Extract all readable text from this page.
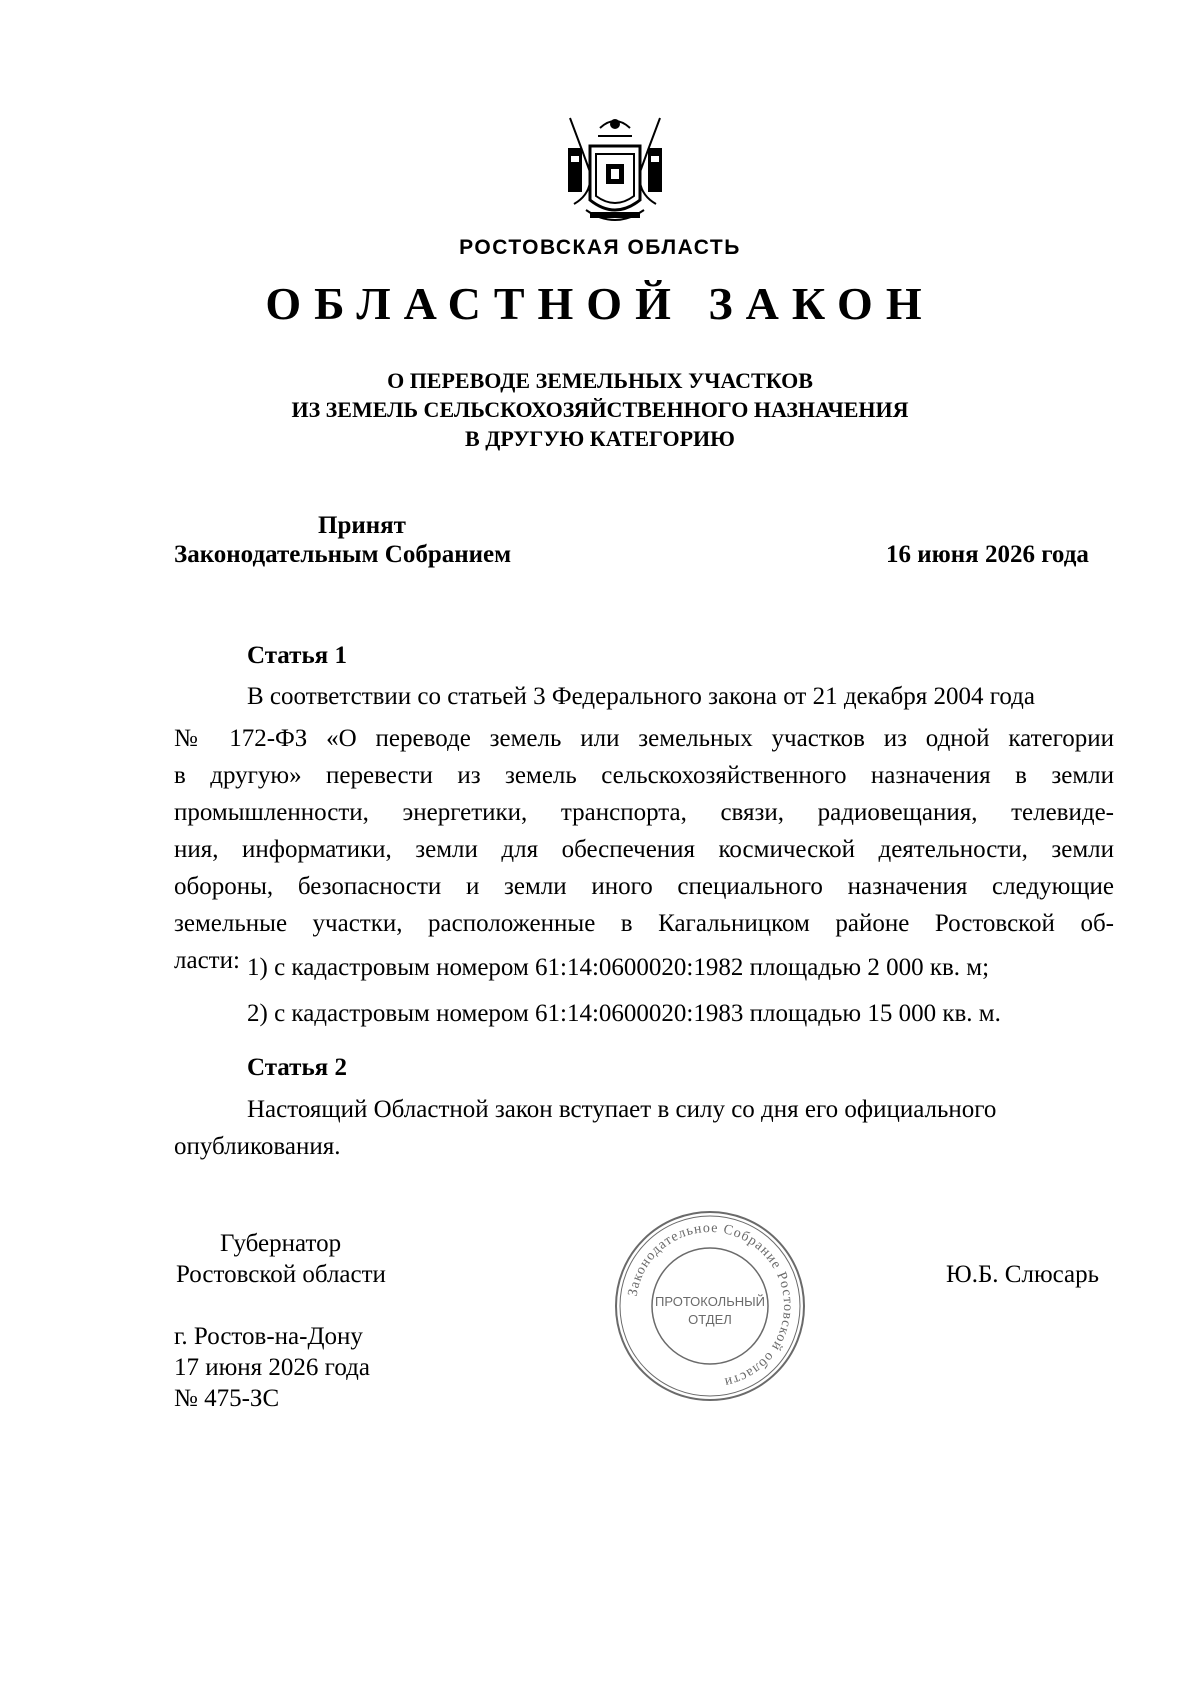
РОСТОВСКАЯ ОБЛАСТЬ
ОБЛАСТНОЙ ЗАКОН
О ПЕРЕВОДЕ ЗЕМЕЛЬНЫХ УЧАСТКОВ
ИЗ ЗЕМЕЛЬ СЕЛЬСКОХОЗЯЙСТВЕННОГО НАЗНАЧЕНИЯ
В ДРУГУЮ КАТЕГОРИЮ
Принят
Законодательным Собранием	16 июня 2026 года
Статья 1
В соответствии со статьей 3 Федерального закона от 21 декабря 2004 года
№ 172-ФЗ «О переводе земель или земельных участков из одной категории
в другую» перевести из земель сельскохозяйственного назначения в земли
промышленности, энергетики, транспорта, связи, радиовещания, телевиде-
ния, информатики, земли для обеспечения космической деятельности, земли
обороны, безопасности и земли иного специального назначения следующие
земельные участки, расположенные в Кагальницком районе Ростовской об-
ласти: 1) с кадастровым номером 61:14:0600020:1982 площадью 2 000 кв. м;
2) с кадастровым номером 61:14:0600020:1983 площадью 15 000 кв. м.
Статья 2
Настоящий Областной закон вступает в силу со дня его официального
опубликования.
Губернатор
Ростовской области	Ю.Б. Слюсарь
г. Ростов-на-Дону
17 июня 2026 года
№ 475-ЗС
Законодательное Собрание Ростовской области
ПРОТОКОЛЬНЫЙ
ОТДЕЛ
